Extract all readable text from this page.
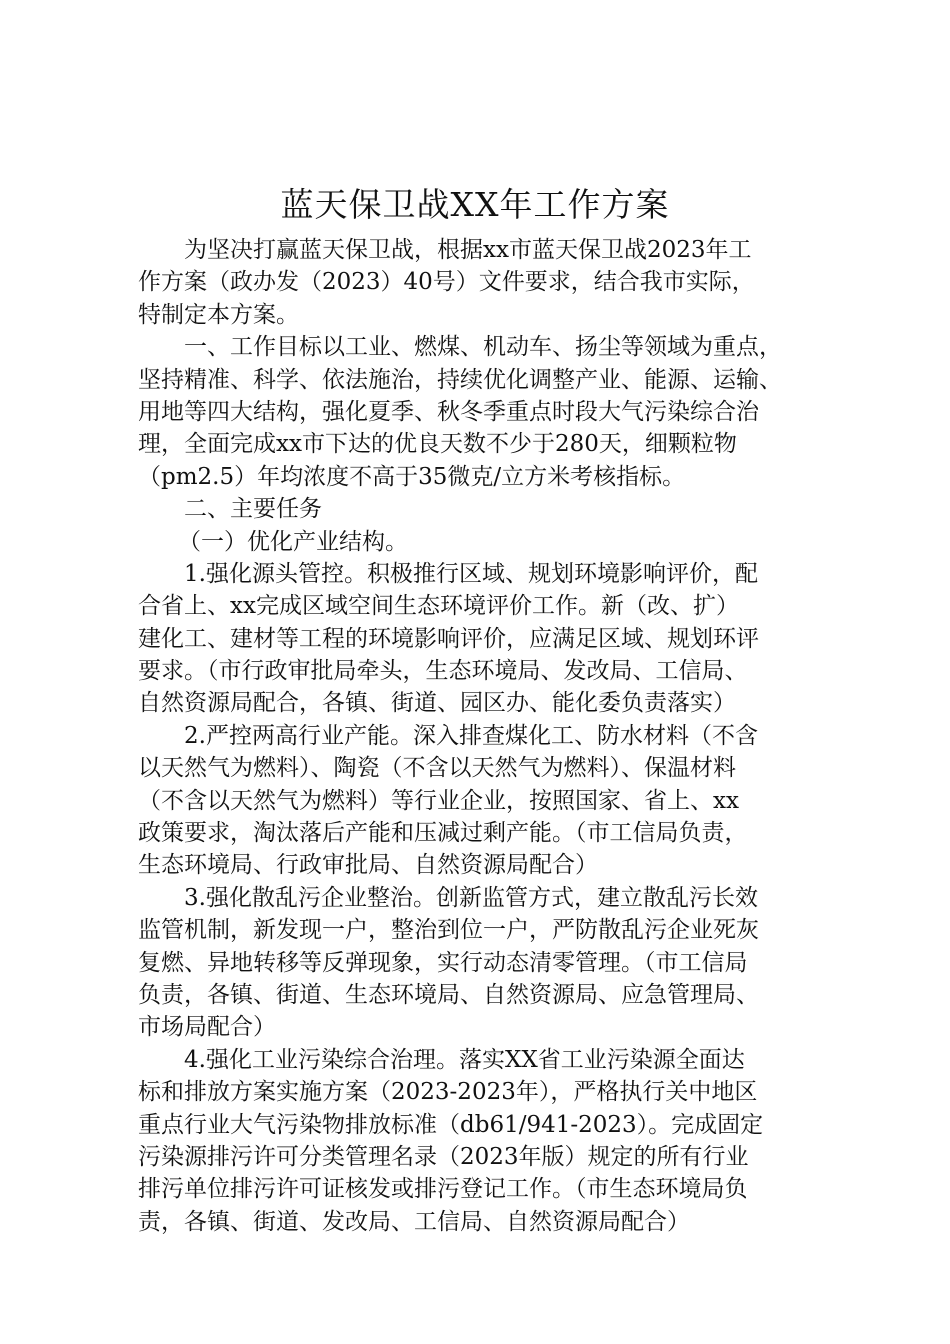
蓝天保卫战XX年工作方案
为坚决打赢蓝天保卫战，根据xx市蓝天保卫战2023年工
作方案（政办发（2023）40号）文件要求，结合我市实际，
特制定本方案。
一、工作目标以工业、燃煤、机动车、扬尘等领域为重点，
坚持精准、科学、依法施治，持续优化调整产业、能源、运输、
用地等四大结构，强化夏季、秋冬季重点时段大气污染综合治
理，全面完成xx市下达的优良天数不少于280天，细颗粒物
（pm2.5）年均浓度不高于35微克/立方米考核指标。
二、主要任务
（一）优化产业结构。
1.强化源头管控。积极推行区域、规划环境影响评价，配
合省上、xx完成区域空间生态环境评价工作。新（改、扩）
建化工、建材等工程的环境影响评价，应满足区域、规划环评
要求。（市行政审批局牵头，生态环境局、发改局、工信局、
自然资源局配合，各镇、街道、园区办、能化委负责落实）
2.严控两高行业产能。深入排查煤化工、防水材料（不含
以天然气为燃料）、陶瓷（不含以天然气为燃料）、保温材料
（不含以天然气为燃料）等行业企业，按照国家、省上、xx
政策要求，淘汰落后产能和压减过剩产能。（市工信局负责，
生态环境局、行政审批局、自然资源局配合）
3.强化散乱污企业整治。创新监管方式，建立散乱污长效
监管机制，新发现一户，整治到位一户，严防散乱污企业死灰
复燃、异地转移等反弹现象，实行动态清零管理。（市工信局
负责，各镇、街道、生态环境局、自然资源局、应急管理局、
市场局配合）
4.强化工业污染综合治理。落实XX省工业污染源全面达
标和排放方案实施方案（2023-2023年），严格执行关中地区
重点行业大气污染物排放标准（db61/941-2023）。完成固定
污染源排污许可分类管理名录（2023年版）规定的所有行业
排污单位排污许可证核发或排污登记工作。（市生态环境局负
责，各镇、街道、发改局、工信局、自然资源局配合）
